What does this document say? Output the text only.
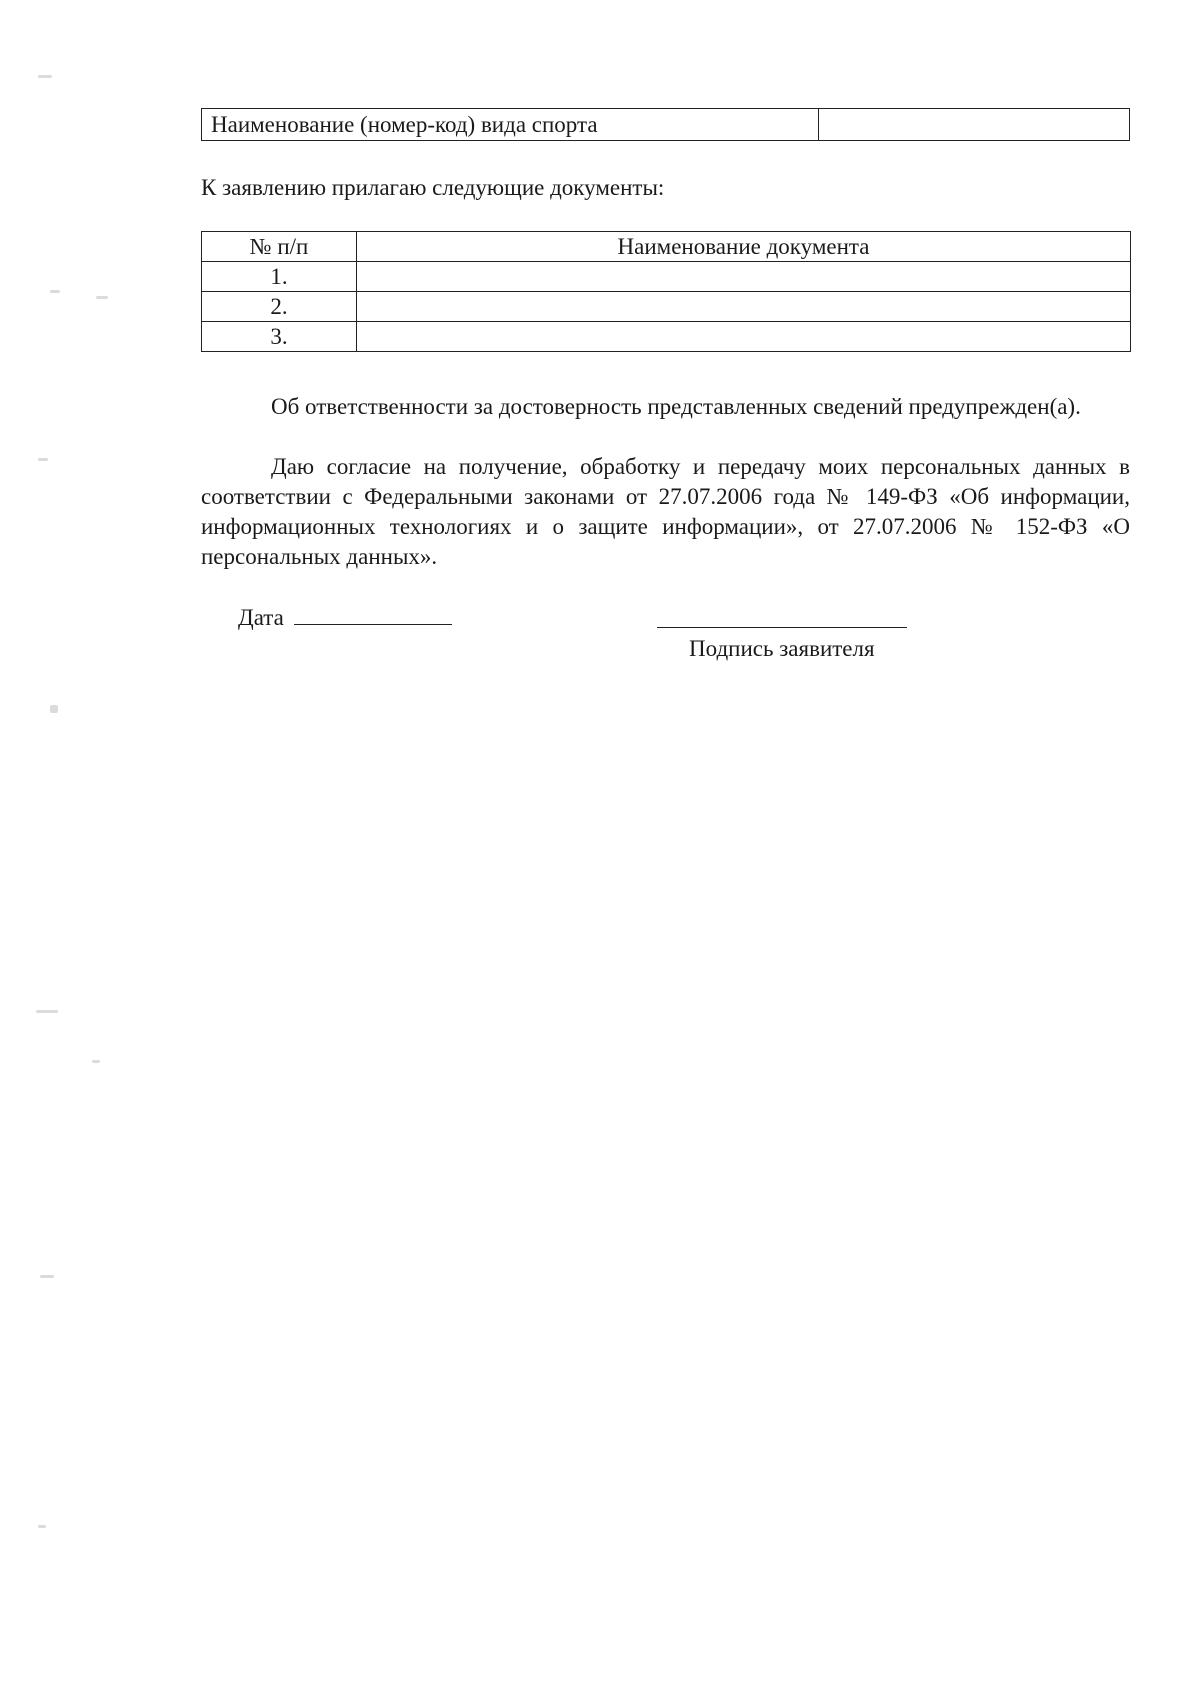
Наименование (номер-код) вида спорта
К заявлению прилагаю следующие документы:
№ п/п	Наименование документа
1.	
2.	
3.	
Об ответственности за достоверность представленных сведений предупрежден(а).
Даю согласие на получение, обработку и передачу моих персональных данных в соответствии с Федеральными законами от 27.07.2006 года № 149-ФЗ «Об информации, информационных технологиях и о защите информации», от 27.07.2006 № 152-ФЗ «О персональных данных».
Дата
Подпись заявителя
